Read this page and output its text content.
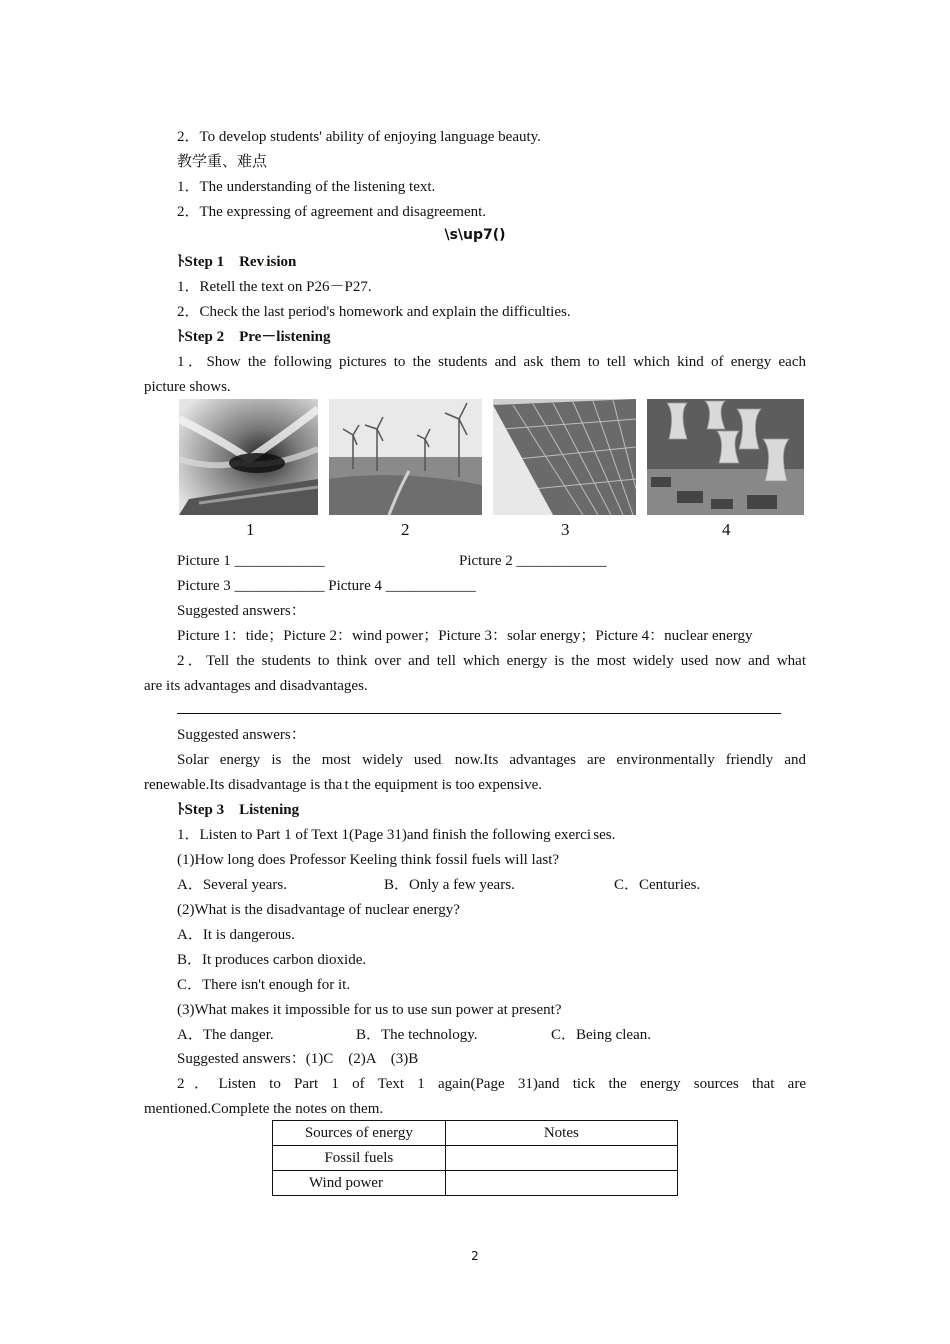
2．To develop students' ability of enjoying language beauty.
教学重、难点
1．The understanding of the listening text.
2．The expressing of agreement and disagreement.
\s\up7()
ﾄStep 1　Rev.ision
1．Retell the text on P26－P27.
2．Check the last period's homework and explain the difficulties.
ﾄStep 2　Pre－listening
1．Show the following pictures to the students and ask them to tell which kind of energy each
picture shows.
1	2	3	4
Picture 1 ____________	Picture 2 ____________
Picture 3 ____________ Picture 4 ____________
Suggested answers：
Picture 1：tide；Picture 2：wind power；Picture 3：solar energy；Picture 4：nuclear energy
2．Tell the students to think over and tell which energy is the most widely used now and what
are its advantages and disadvantages.
Suggested answers：
Solar energy is the most widely used. now.Its advantages are environmentally friendly and
renewable.Its disadvantage is tha.t the equipment is too expensive.
ﾄStep 3　Listening
1．Listen to Part 1 of Text 1(Page 31)and finish the following exerci.ses.
(1)How long does Professor Keeling think fossil fuels will last?
A．Several years.	B．Only a few years.	C．Centuries.
(2)What is the disadvantage of nuclear energy?
A．It is dangerous.
B．It produces carbon dioxide.
C．There isn't enough for it.
(3)What makes it impossible for us to use sun power at present?
A．The danger.	B．The technology.	C．Being clean.
Suggested answers：(1)C　(2)A　(3)B
2．Listen to Part 1 of Text 1 again(Page 31)and tick the energy sources that are
mentioned.Complete the notes on them.
Sources of energy	Notes
Fossil fuels	
Wind power	
2
